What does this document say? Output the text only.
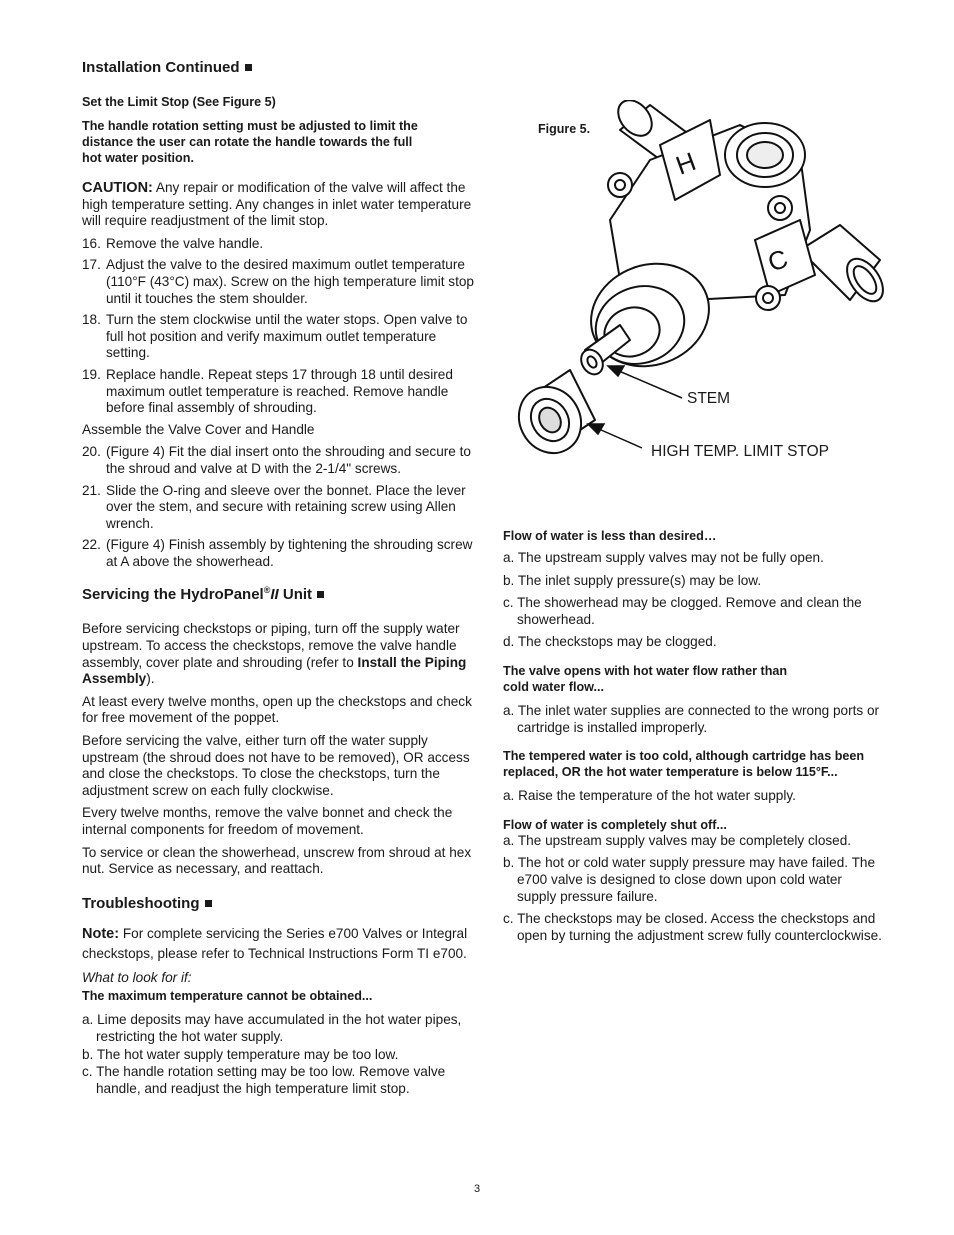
Installation Continued
Set the Limit Stop (See Figure 5)
The handle rotation setting must be adjusted to limit the distance the user can rotate the handle towards the full hot water position.

CAUTION: Any repair or modification of the valve will affect the high temperature setting. Any changes in inlet water temperature will require readjustment of the limit stop.

16. Remove the valve handle.
17. Adjust the valve to the desired maximum outlet temperature (110°F (43°C) max). Screw on the high temperature limit stop until it touches the stem shoulder.
18. Turn the stem clockwise until the water stops. Open valve to full hot position and verify maximum outlet temperature setting.
19. Replace handle. Repeat steps 17 through 18 until desired maximum outlet temperature is reached. Remove handle before final assembly of shrouding.

Assemble the Valve Cover and Handle

20. (Figure 4) Fit the dial insert onto the shrouding and secure to the shroud and valve at D with the 2-1/4" screws.
21. Slide the O-ring and sleeve over the bonnet. Place the lever over the stem, and secure with retaining screw using Allen wrench.
22. (Figure 4) Finish assembly by tightening the shrouding screw at A above the showerhead.
Servicing the HydroPanel®II Unit

Before servicing checkstops or piping, turn off the supply water upstream. To access the checkstops, remove the valve handle assembly, cover plate and shrouding (refer to Install the Piping Assembly).

At least every twelve months, open up the checkstops and check for free movement of the poppet.

Before servicing the valve, either turn off the water supply upstream (the shroud does not have to be removed), OR access and close the checkstops. To close the checkstops, turn the adjustment screw on each fully clockwise.

Every twelve months, remove the valve bonnet and check the internal components for freedom of movement.

To service or clean the showerhead, unscrew from shroud at hex nut. Service as necessary, and reattach.

Troubleshooting

Note: For complete servicing the Series e700 Valves or Integral checkstops, please refer to Technical Instructions Form TI e700.

What to look for if:
The maximum temperature cannot be obtained...
a. Lime deposits may have accumulated in the hot water pipes, restricting the hot water supply.
b. The hot water supply temperature may be too low.
c. The handle rotation setting may be too low. Remove valve handle, and readjust the high temperature limit stop.
Figure 5.
H
C
STEM
HIGH TEMP. LIMIT STOP
Flow of water is less than desired…
a. The upstream supply valves may not be fully open.
b. The inlet supply pressure(s) may be low.
c. The showerhead may be clogged. Remove and clean the showerhead.
d. The checkstops may be clogged.
The valve opens with hot water flow rather than cold water flow...
a. The inlet water supplies are connected to the wrong ports or cartridge is installed improperly.
The tempered water is too cold, although cartridge has been replaced, OR the hot water temperature is below 115°F...
a. Raise the temperature of the hot water supply.
Flow of water is completely shut off...
a. The upstream supply valves may be completely closed.
b. The hot or cold water supply pressure may have failed. The e700 valve is designed to close down upon cold water supply pressure failure.
c. The checkstops may be closed. Access the checkstops and open by turning the adjustment screw fully counterclockwise.
3
